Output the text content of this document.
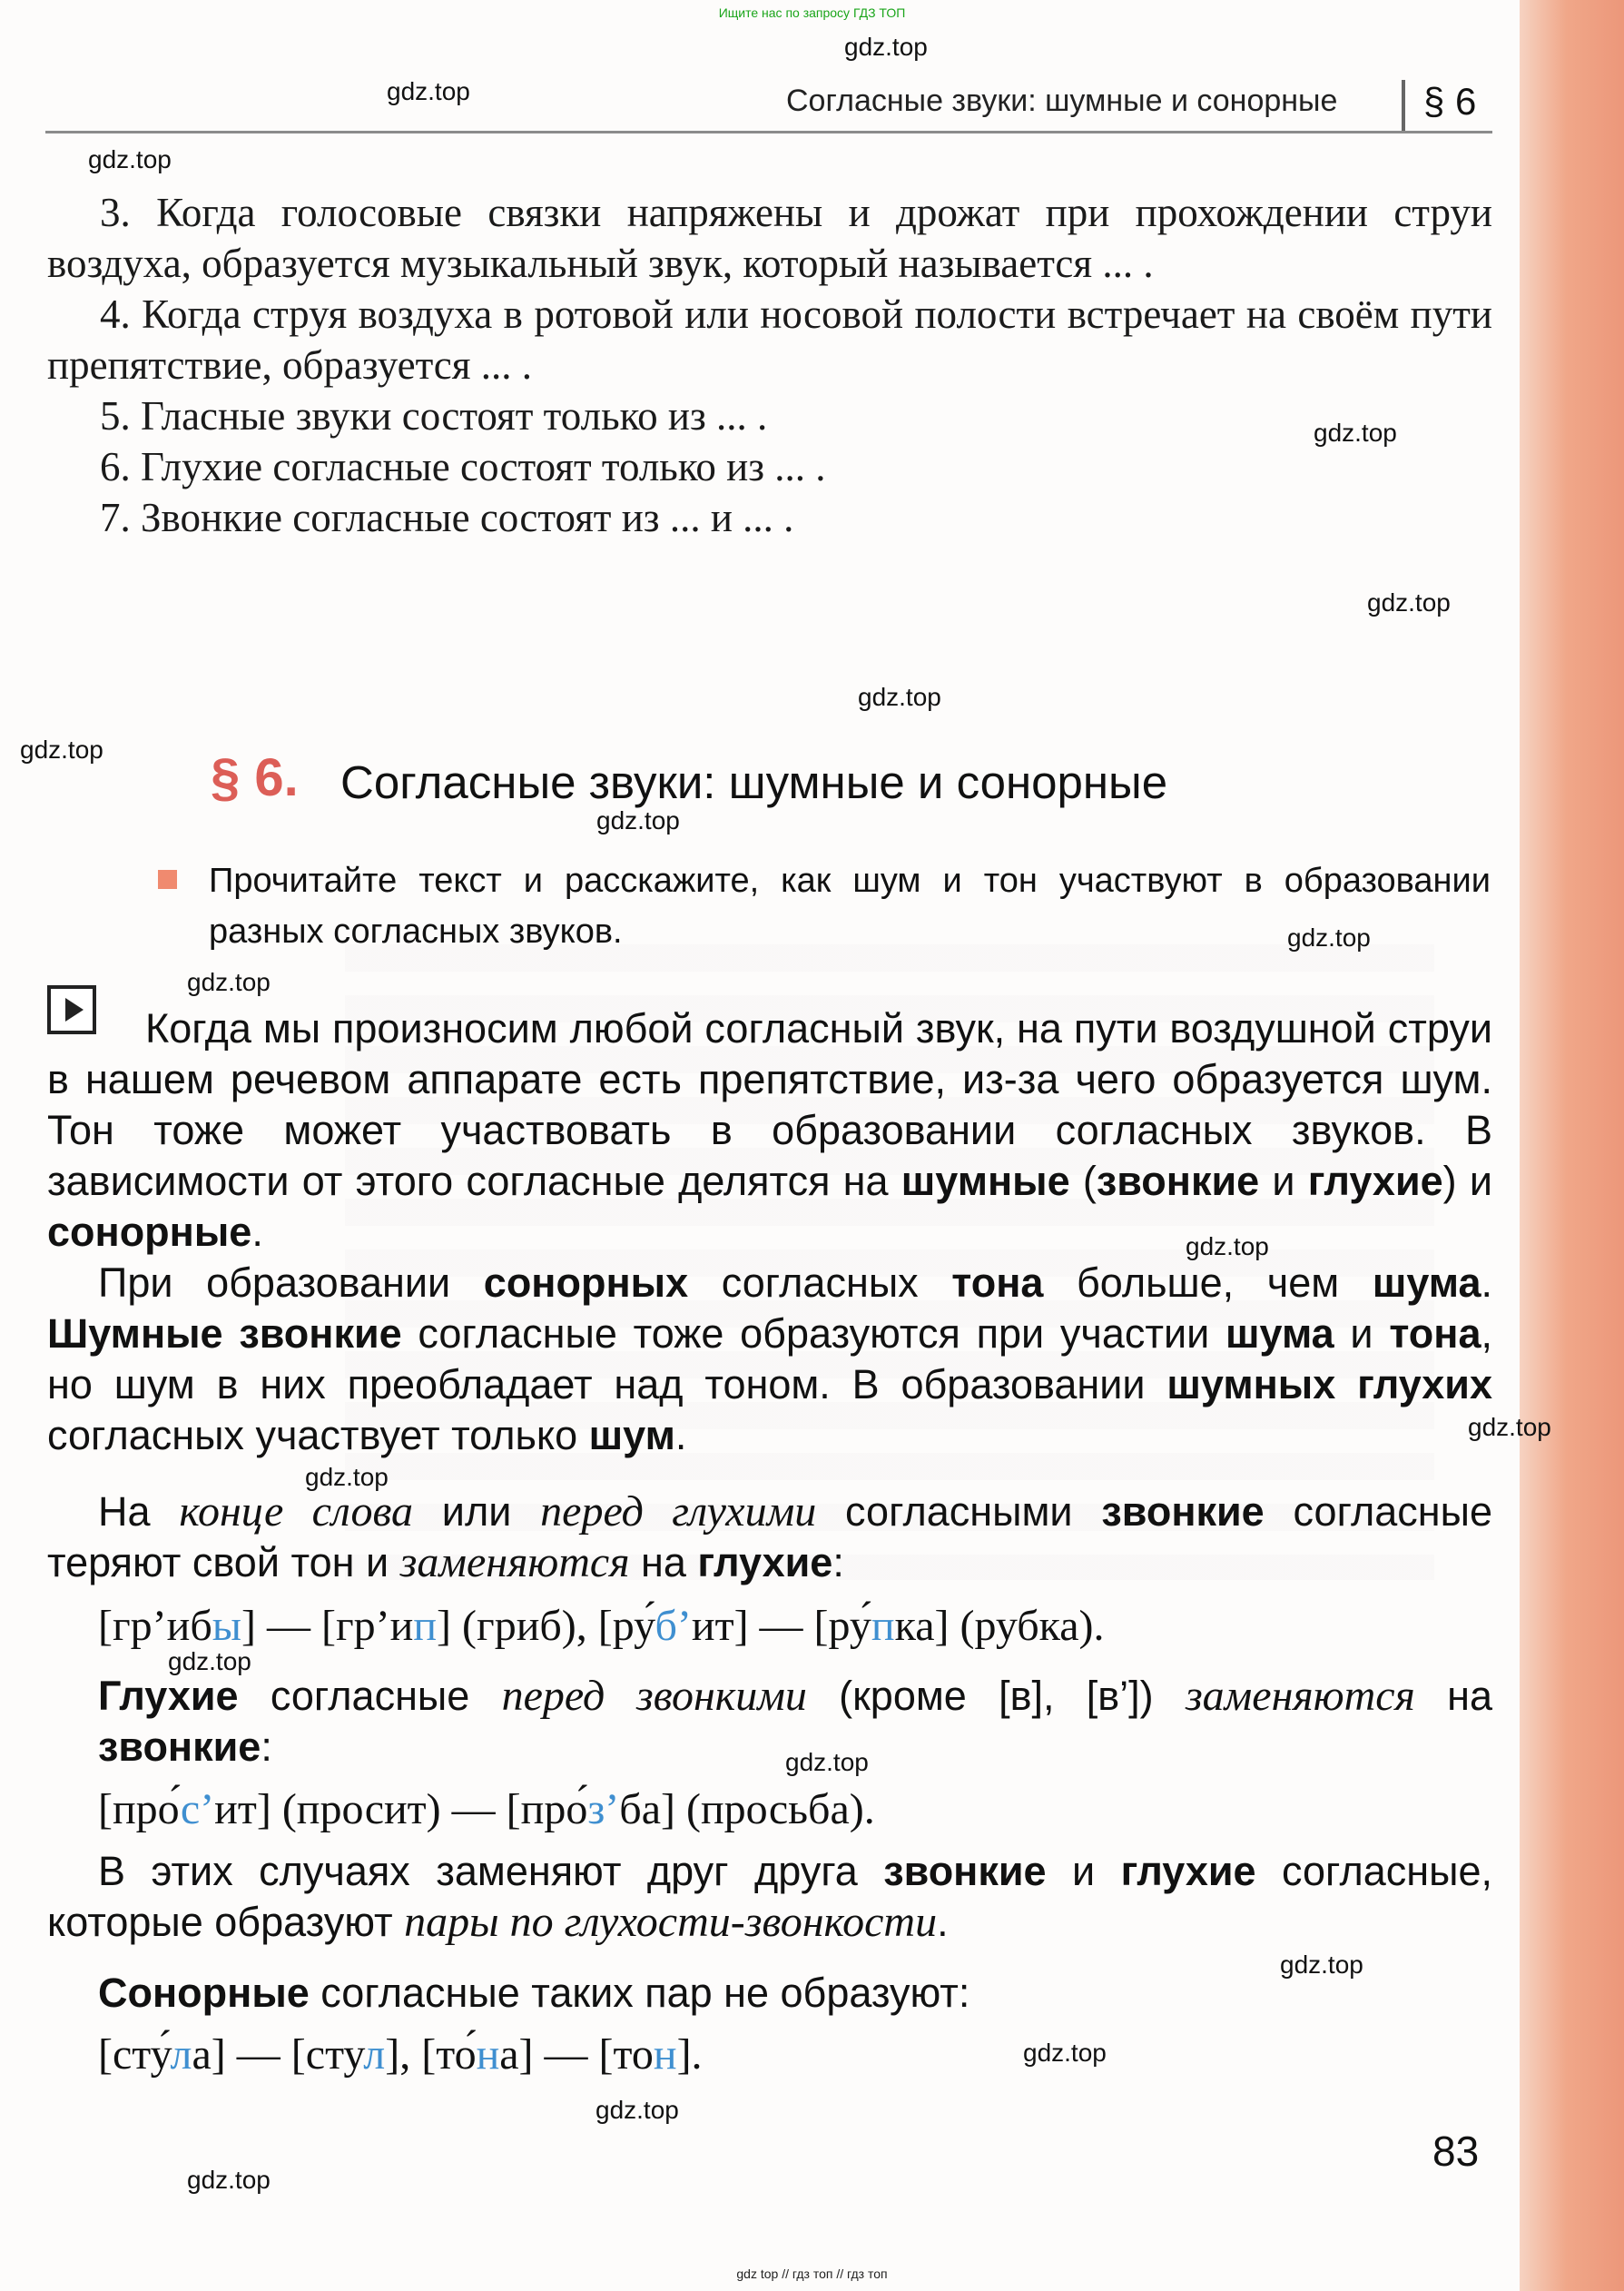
Ищите нас по запросу ГДЗ ТОП
Согласные звуки: шумные и сонорные § 6

3. Когда голосовые связки напряжены и дрожат при прохождении струи воздуха, образуется музыкальный звук, который называется ... .

4. Когда струя воздуха в ротовой или носовой полости встречает на своём пути препятствие, образуется ... .

5. Гласные звуки состоят только из ... .

6. Глухие согласные состоят только из ... .

7. Звонкие согласные состоят из ... и ... .

§ 6. Согласные звуки: шумные и сонорные
Прочитайте текст и расскажите, как шум и тон участвуют в образовании разных согласных звуков.

Когда мы произносим любой согласный звук, на пути воздушной струи в нашем речевом аппарате есть препятствие, из-за чего образуется шум. Тон тоже может участвовать в образовании согласных звуков. В зависимости от этого согласные делятся на шумные (звонкие и глухие) и сонорные.

При образовании сонорных согласных тона больше, чем шума. Шумные звонкие согласные тоже образуются при участии шума и тона, но шум в них преобладает над тоном. В образовании шумных глухих согласных участвует только шум.

На конце слова или перед глухими согласными звонкие согласные теряют свой тон и заменяются на глухие:

[гр’ибы] — [гр’ип] (гриб), [ру́б’ит] — [ру́пка] (рубка).

Глухие согласные перед звонкими (кроме [в], [в’]) заменяются на звонкие:

[про́с’ит] (просит) — [про́з’ба] (просьба).

В этих случаях заменяют друг друга звонкие и глухие согласные, которые образуют пары по глухости-звонкости.

Сонорные согласные таких пар не образуют:

[сту́ла] — [стул], [то́на] — [тон].
83
gdz.top
gdz.top
gdz.top
gdz.top
gdz.top
gdz.top
gdz.top
gdz.top
gdz.top
gdz.top
gdz.top
gdz.top
gdz.top
gdz.top
gdz.top
gdz.top
gdz.top
gdz.top
gdz.top
gdz top // гдз топ // гдз топ
